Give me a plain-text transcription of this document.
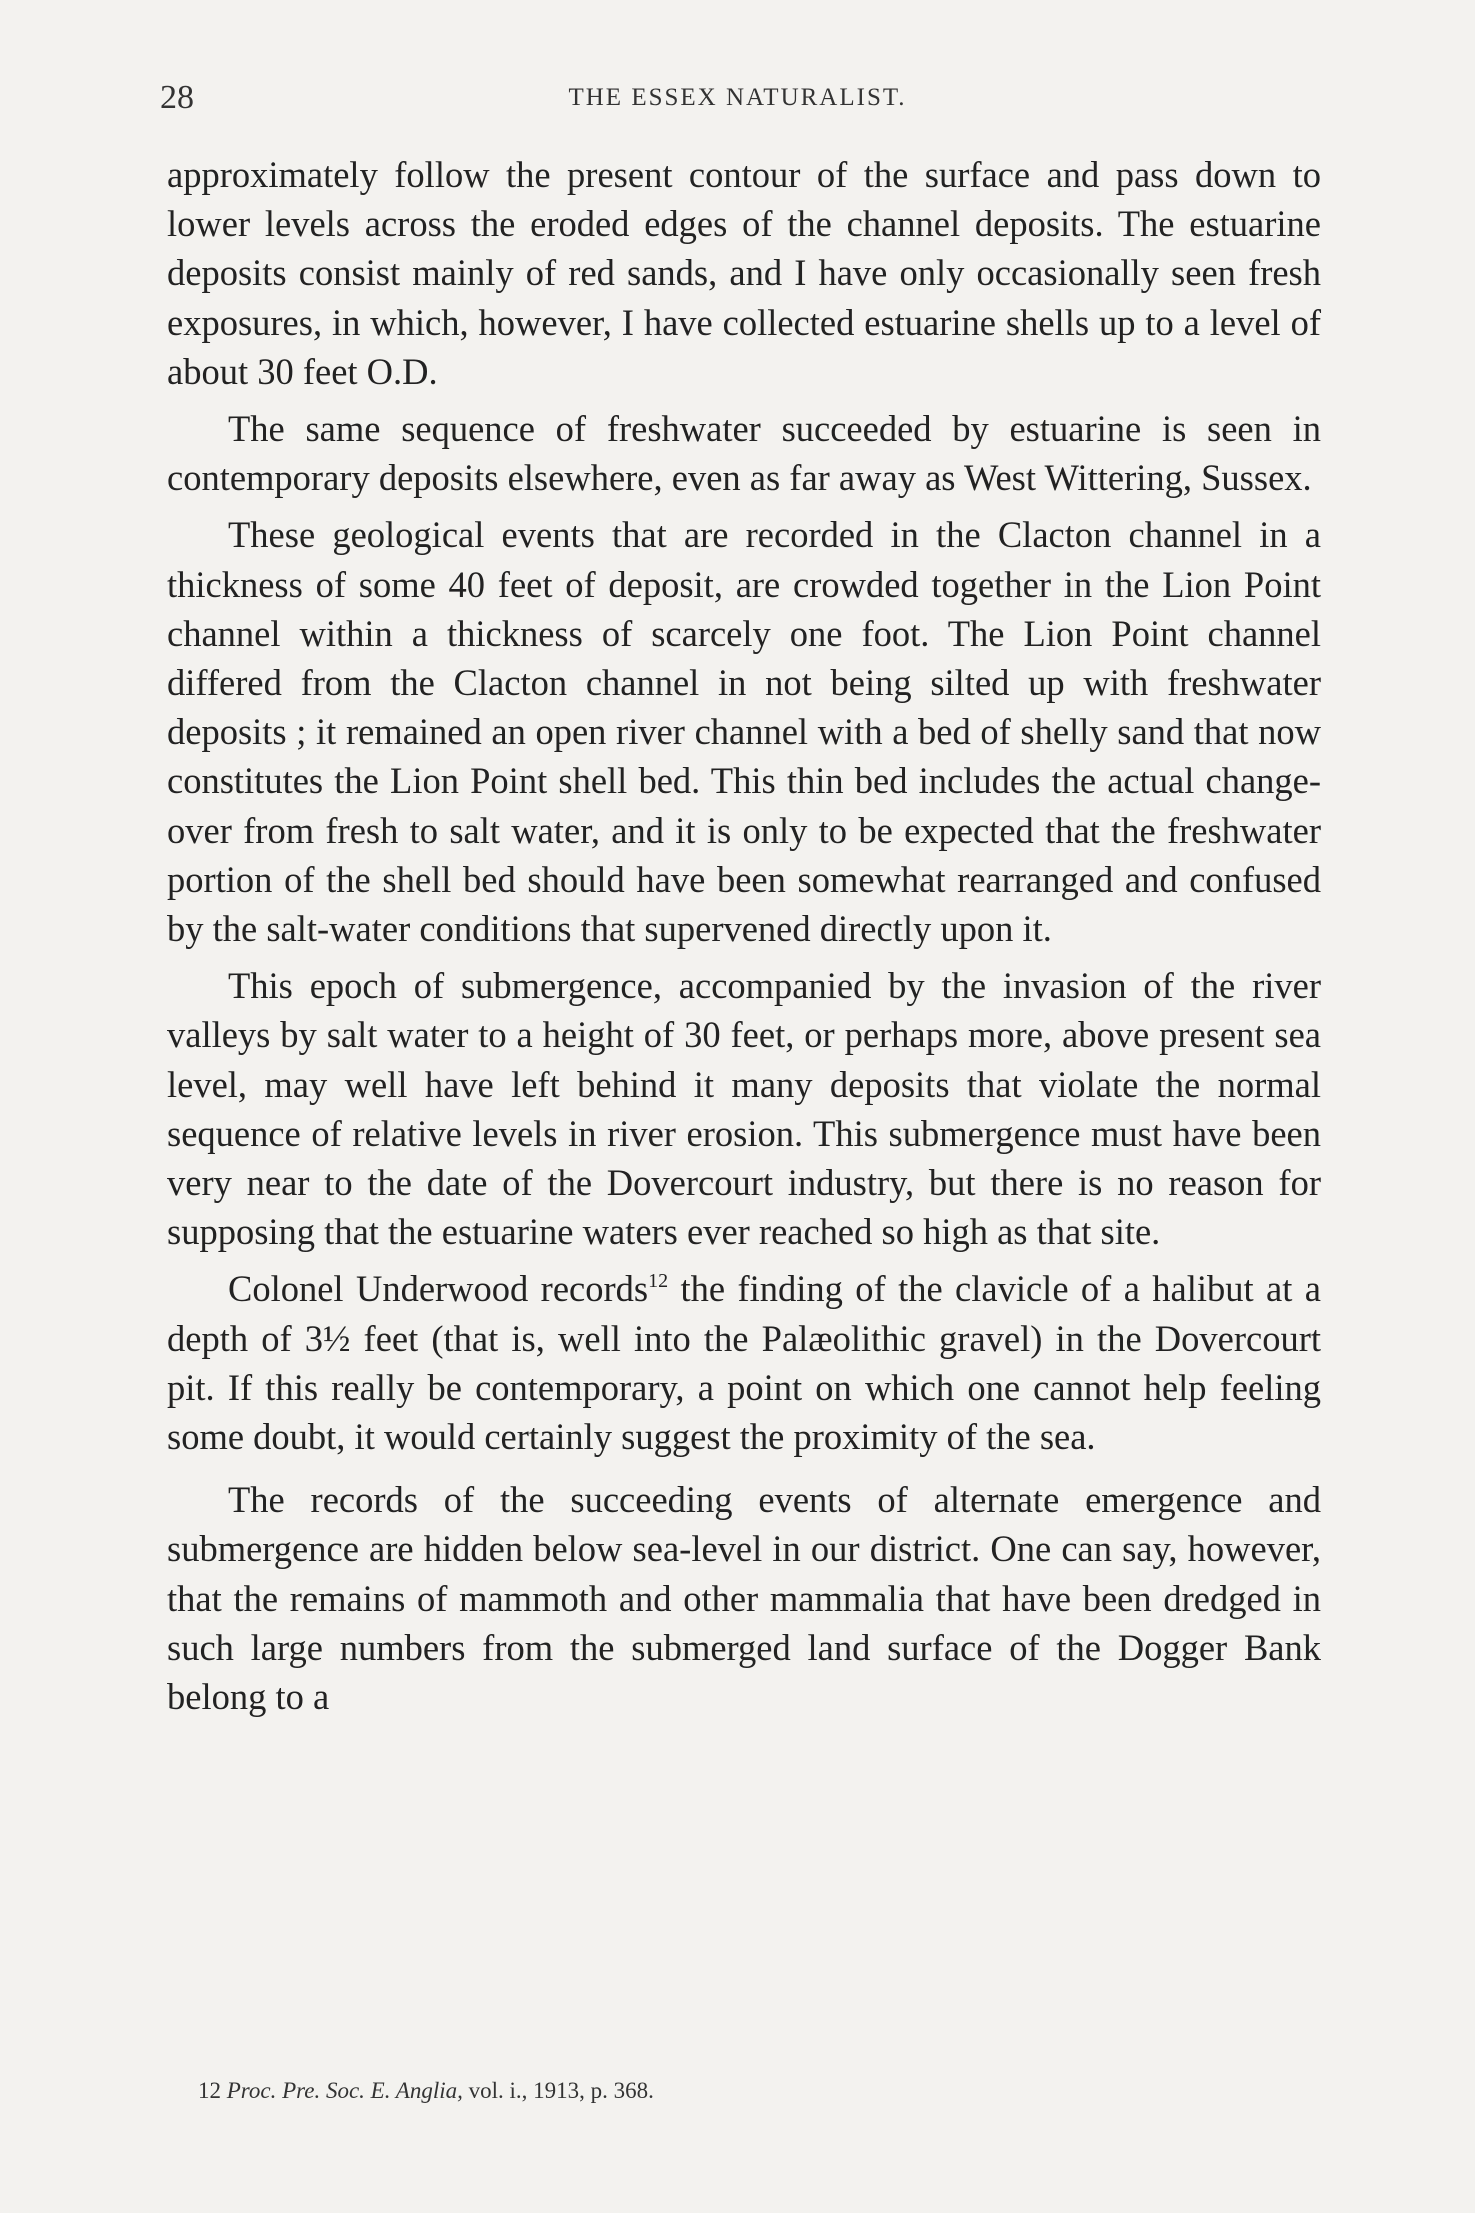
28	THE ESSEX NATURALIST.

approximately follow the present contour of the surface and pass down to lower levels across the eroded edges of the channel deposits. The estuarine deposits consist mainly of red sands, and I have only occasionally seen fresh exposures, in which, however, I have collected estuarine shells up to a level of about 30 feet O.D.

The same sequence of freshwater succeeded by estuarine is seen in contemporary deposits elsewhere, even as far away as West Wittering, Sussex.

These geological events that are recorded in the Clacton channel in a thickness of some 40 feet of deposit, are crowded together in the Lion Point channel within a thickness of scarcely one foot. The Lion Point channel differed from the Clacton channel in not being silted up with freshwater deposits ; it remained an open river channel with a bed of shelly sand that now constitutes the Lion Point shell bed. This thin bed includes the actual change-over from fresh to salt water, and it is only to be expected that the freshwater portion of the shell bed should have been somewhat rearranged and confused by the salt-water conditions that supervened directly upon it.

This epoch of submergence, accompanied by the invasion of the river valleys by salt water to a height of 30 feet, or perhaps more, above present sea level, may well have left behind it many deposits that violate the normal sequence of relative levels in river erosion. This submergence must have been very near to the date of the Dovercourt industry, but there is no reason for supposing that the estuarine waters ever reached so high as that site.

Colonel Underwood records$^{12}$ the finding of the clavicle of a halibut at a depth of 3½ feet (that is, well into the Palæolithic gravel) in the Dovercourt pit. If this really be contemporary, a point on which one cannot help feeling some doubt, it would certainly suggest the proximity of the sea.

The records of the succeeding events of alternate emergence and submergence are hidden below sea-level in our district. One can say, however, that the remains of mammoth and other mammalia that have been dredged in such large numbers from the submerged land surface of the Dogger Bank belong to a

12 Proc. Pre. Soc. E. Anglia, vol. i., 1913, p. 368.
